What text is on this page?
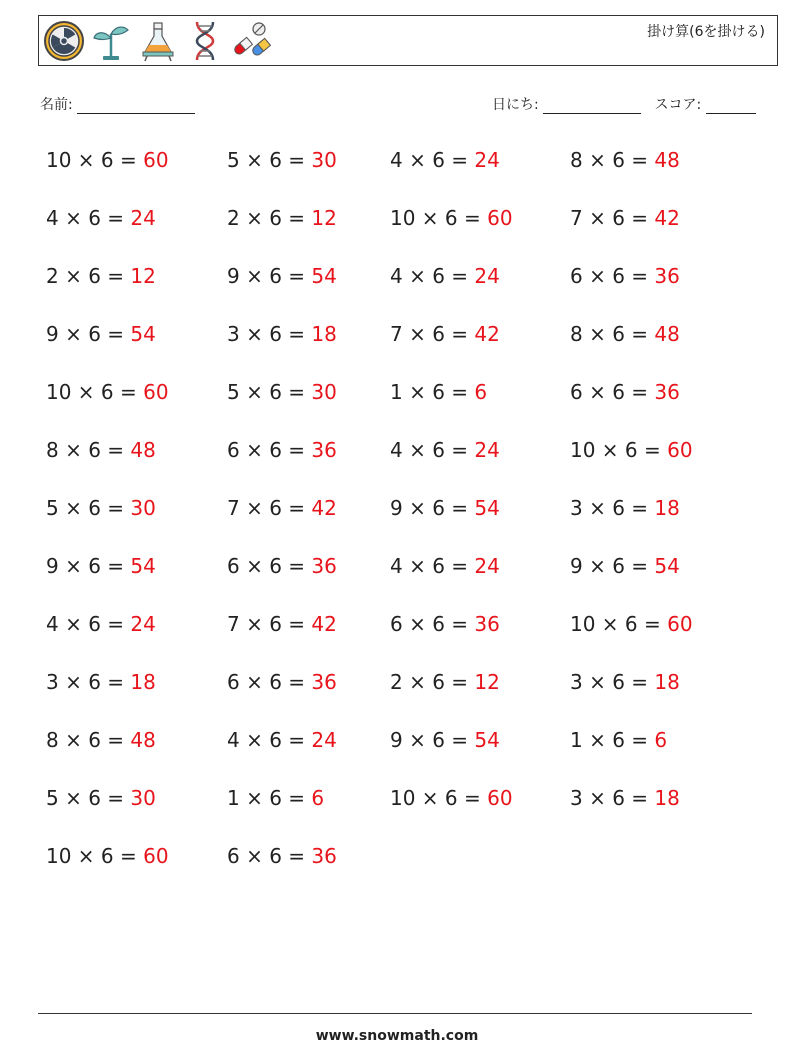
掛け算(6を掛ける)
名前:	日にち:	スコア:
10 × 6 = 60	5 × 6 = 30	4 × 6 = 24	8 × 6 = 48
4 × 6 = 24	2 × 6 = 12	10 × 6 = 60	7 × 6 = 42
2 × 6 = 12	9 × 6 = 54	4 × 6 = 24	6 × 6 = 36
9 × 6 = 54	3 × 6 = 18	7 × 6 = 42	8 × 6 = 48
10 × 6 = 60	5 × 6 = 30	1 × 6 = 6	6 × 6 = 36
8 × 6 = 48	6 × 6 = 36	4 × 6 = 24	10 × 6 = 60
5 × 6 = 30	7 × 6 = 42	9 × 6 = 54	3 × 6 = 18
9 × 6 = 54	6 × 6 = 36	4 × 6 = 24	9 × 6 = 54
4 × 6 = 24	7 × 6 = 42	6 × 6 = 36	10 × 6 = 60
3 × 6 = 18	6 × 6 = 36	2 × 6 = 12	3 × 6 = 18
8 × 6 = 48	4 × 6 = 24	9 × 6 = 54	1 × 6 = 6
5 × 6 = 30	1 × 6 = 6	10 × 6 = 60	3 × 6 = 18
10 × 6 = 60	6 × 6 = 36
www.snowmath.com
